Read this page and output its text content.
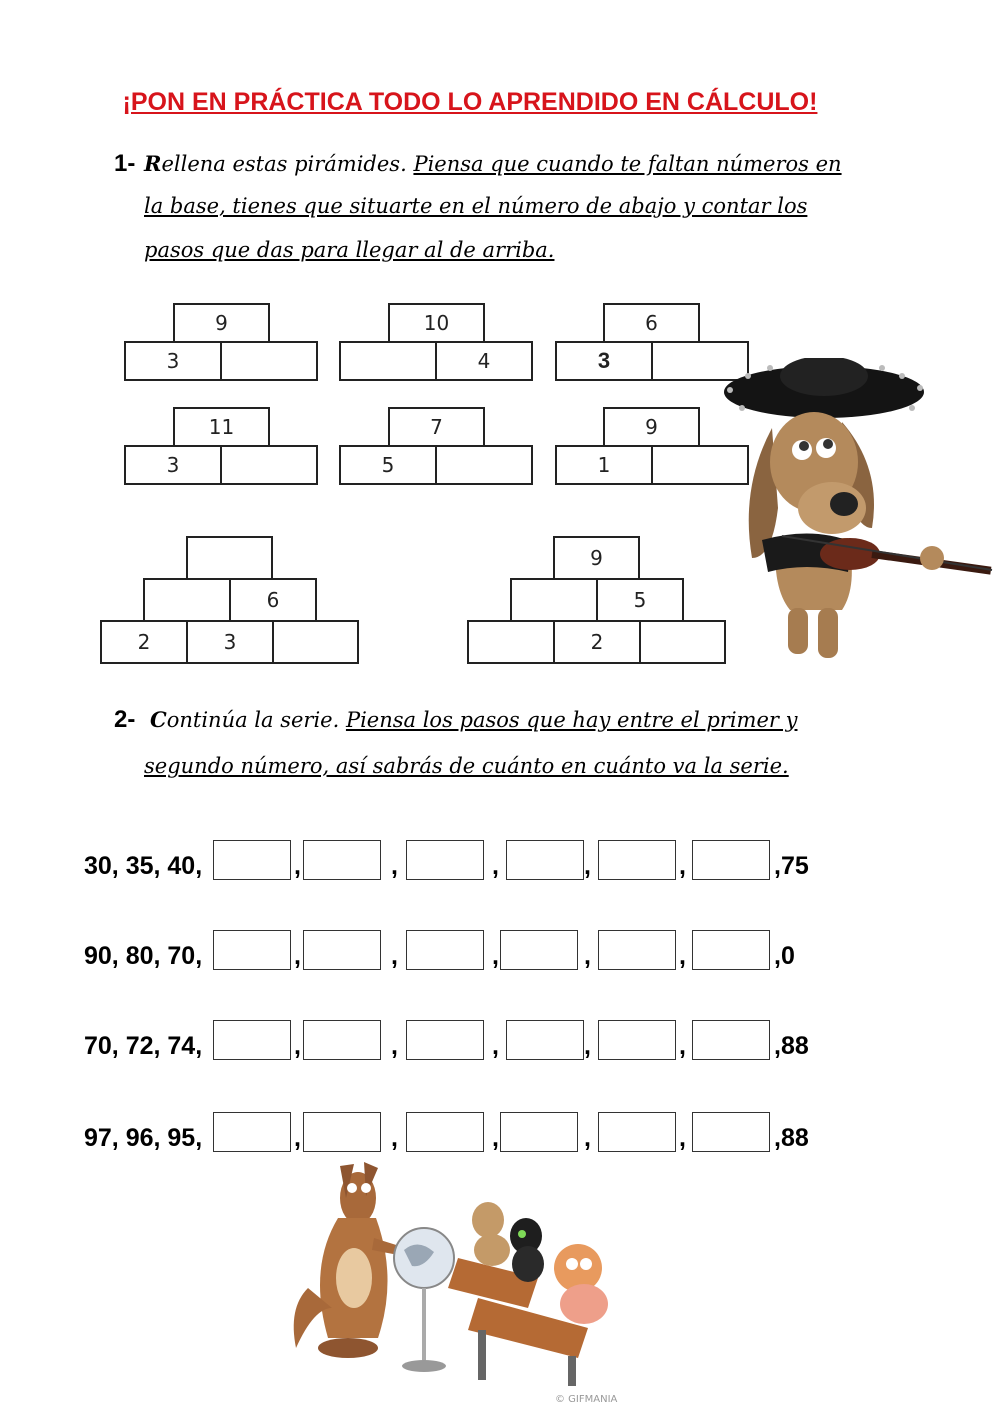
¡PON EN PRÁCTICA TODO LO APRENDIDO EN CÁLCULO!
1- Rellena estas pirámides. Piensa que cuando te faltan números en
la base, tienes que situarte en el número de abajo y contar los
pasos que das para llegar al de arriba.
9
3
10
4
6
3
11
3
7
5
9
1
6
2	3
9
5
2
2- Continúa la serie. Piensa los pasos que hay entre el primer y
segundo número, así sabrás de cuánto en cuánto va la serie.
30, 35, 40,	,	,	,	,	,	,75
90, 80, 70,	,	,	,	,	,	,0
70, 72, 74,	,	,	,	,	,	,88
97, 96, 95,	,	,	,	,	,	,88
© GIFMANIA
